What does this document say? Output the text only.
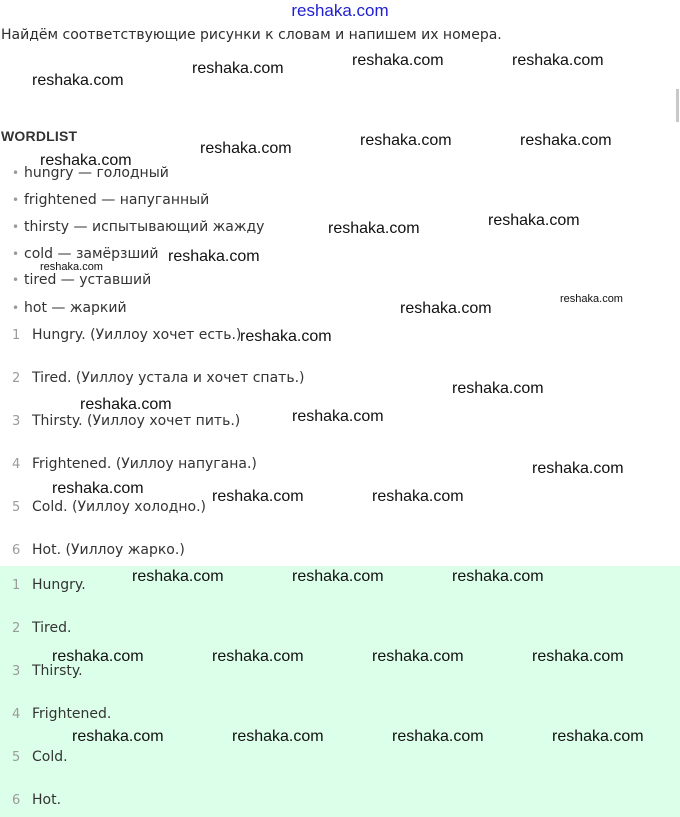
reshaka.com
Найдём соответствующие рисунки к словам и напишем их номера.
WORDLIST
• hungry — голодный
• frightened — напуганный
• thirsty — испытывающий жажду
• cold — замёрзший
• tired — уставший
• hot — жаркий
1 Hungry. (Уиллоу хочет есть.)
2 Tired. (Уиллоу устала и хочет спать.)
3 Thirsty. (Уиллоу хочет пить.)
4 Frightened. (Уиллоу напугана.)
5 Cold. (Уиллоу холодно.)
6 Hot. (Уиллоу жарко.)
1 Hungry.
2 Tired.
3 Thirsty.
4 Frightened.
5 Cold.
6 Hot.
reshaka.com
reshaka.com	reshaka.com	reshaka.com
reshaka.com
reshaka.com	reshaka.com	reshaka.com
reshaka.com	reshaka.com
reshaka.com
reshaka.com
reshaka.com
reshaka.com
reshaka.com
reshaka.com
reshaka.com
reshaka.com
reshaka.com
reshaka.com	reshaka.com	reshaka.com
reshaka.com	reshaka.com	reshaka.com
reshaka.com	reshaka.com	reshaka.com	reshaka.com
reshaka.com	reshaka.com	reshaka.com	reshaka.com
